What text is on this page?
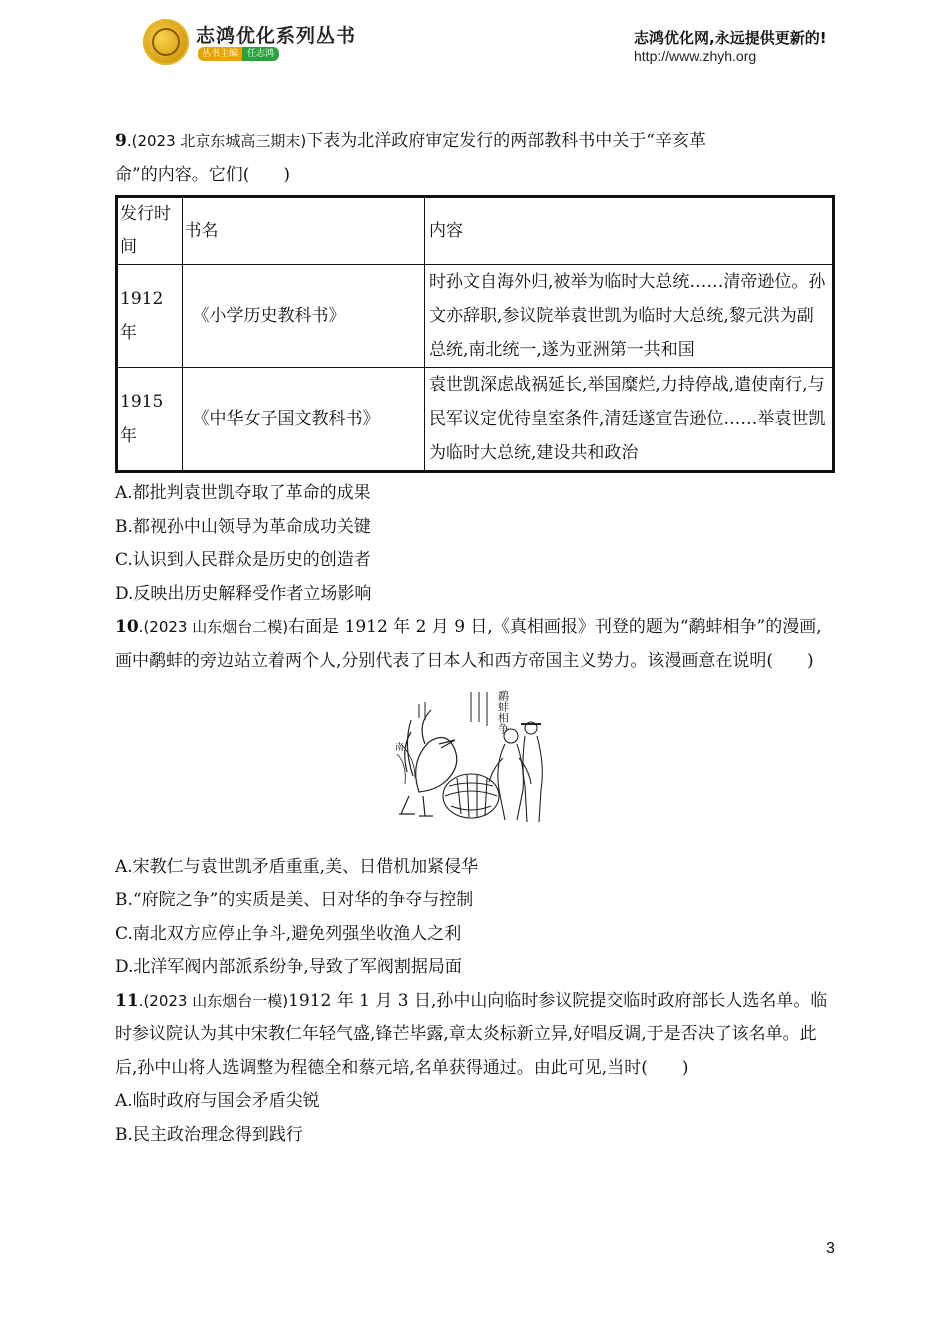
志鸿优化系列丛书
丛书主编 任志鸿
志鸿优化网,永远提供更新的!
http://www.zhyh.org

9.(2023 北京东城高三期末)下表为北洋政府审定发行的两部教科书中关于“辛亥革
命”的内容。它们(　　)

发行时间	书名	内容
1912年	《小学历史教科书》	时孙文自海外归,被举为临时大总统……清帝逊位。孙文亦辞职,参议院举袁世凯为临时大总统,黎元洪为副总统,南北统一,遂为亚洲第一共和国
1915年	《中华女子国文教科书》	袁世凯深虑战祸延长,举国糜烂,力持停战,遣使南行,与民军议定优待皇室条件,清廷遂宣告逊位……举袁世凯为临时大总统,建设共和政治

A.都批判袁世凯夺取了革命的成果

B.都视孙中山领导为革命成功关键

C.认识到人民群众是历史的创造者

D.反映出历史解释受作者立场影响

10.(2023 山东烟台二模)右面是 1912 年 2 月 9 日,《真相画报》刊登的题为“鹬蚌相争”的漫画,画中鹬蚌的旁边站立着两个人,分别代表了日本人和西方帝国主义势力。该漫画意在说明(　　)

鹬蚌相争
南

A.宋教仁与袁世凯矛盾重重,美、日借机加紧侵华

B.“府院之争”的实质是美、日对华的争夺与控制

C.南北双方应停止争斗,避免列强坐收渔人之利

D.北洋军阀内部派系纷争,导致了军阀割据局面

11.(2023 山东烟台一模)1912 年 1 月 3 日,孙中山向临时参议院提交临时政府部长人选名单。临时参议院认为其中宋教仁年轻气盛,锋芒毕露,章太炎标新立异,好唱反调,于是否决了该名单。此后,孙中山将人选调整为程德全和蔡元培,名单获得通过。由此可见,当时(　　)

A.临时政府与国会矛盾尖锐

B.民主政治理念得到践行

3
